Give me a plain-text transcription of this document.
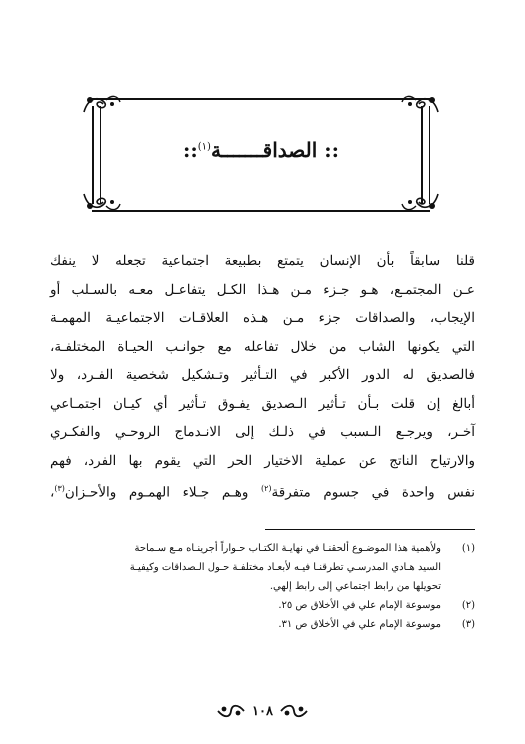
:: الصداقـــــــة$^{(١)}$::

قلنا سابقاً بأن الإنسان يتمتع بطبيعة اجتماعية تجعله لا ينفك

عـن المجتمـع، هـو جـزء مـن هـذا الكـل يتفاعـل معـه بالسـلب أو

الإيجاب، والصداقات جزء مـن هـذه العلاقـات الاجتماعيـة المهمـة

التي يكونها الشاب من خلال تفاعله مع جوانـب الحيـاة المختلفـة،

فالصديق له الدور الأكبر في التـأثير وتـشكيل شخصية الفـرد، ولا

أبالغ إن قلت بـأن تـأثير الـصديق يفـوق تـأثير أي كيـان اجتمـاعي

آخـر، ويرجـع الـسبب في ذلـك إلى الانـدماج الروحـي والفكـري

والارتياح الناتج عن عملية الاختيار الحر التي يقوم بها الفرد، فهم

نفس واحدة في جسوم متفرقة$^{(٢)}$ وهـم جـلاء الهمـوم والأحـزان$^{(٣)}$،

(١)
ولأهمية هذا الموضـوع ألحقنـا في نهايـة الكتـاب حـواراً أجرينـاه مـع سـماحة
السيد هـادي المدرسـي تطرقنـا فيـه لأبعـاد مختلفـة حـول الـصداقات وكيفيـة
تحويلها من رابط اجتماعي إلى رابط إلهي.
(٢)
موسوعة الإمام علي في الأخلاق ص ٢٥.
(٣)
موسوعة الإمام علي في الأخلاق ص ٣١.
١٠٨
